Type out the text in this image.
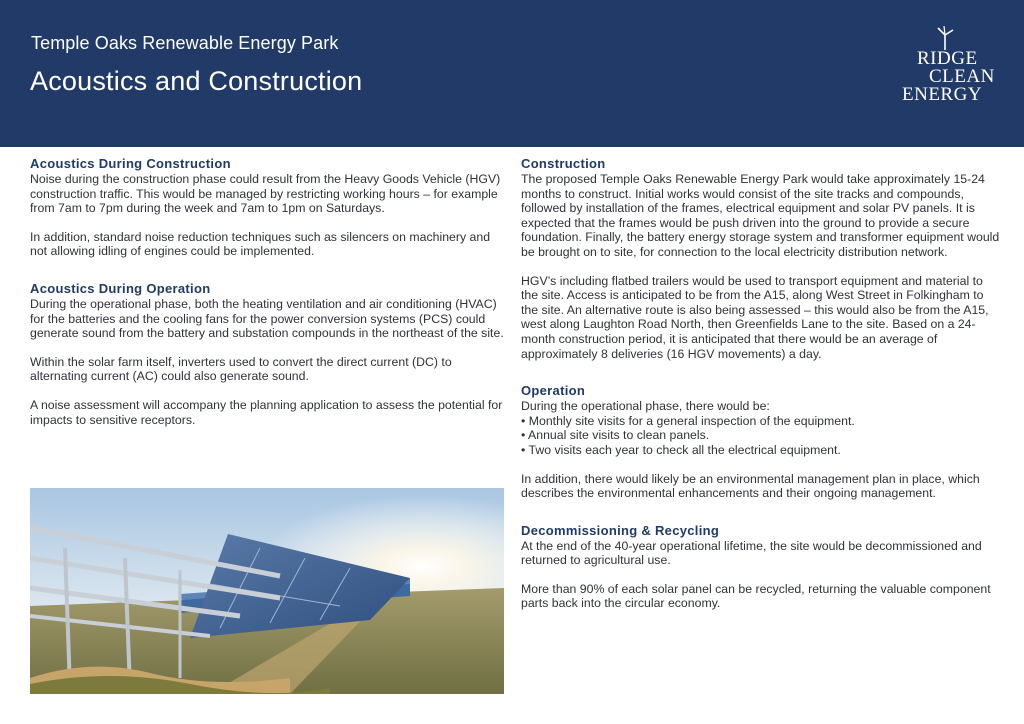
Temple Oaks Renewable Energy Park
Acoustics and Construction
RIDGE
CLEAN
ENERGY
Acoustics During Construction

Noise during the construction phase could result from the Heavy Goods Vehicle (HGV) construction traffic. This would be managed by restricting working hours – for example from 7am to 7pm during the week and 7am to 1pm on Saturdays.

In addition, standard noise reduction techniques such as silencers on machinery and not allowing idling of engines could be implemented.

Acoustics During Operation

During the operational phase, both the heating ventilation and air conditioning (HVAC) for the batteries and the cooling fans for the power conversion systems (PCS) could generate sound from the battery and substation compounds in the northeast of the site.

Within the solar farm itself, inverters used to convert the direct current (DC) to alternating current (AC) could also generate sound.

A noise assessment will accompany the planning application to assess the potential for impacts to sensitive receptors.

Construction

The proposed Temple Oaks Renewable Energy Park would take approximately 15-24 months to construct. Initial works would consist of the site tracks and compounds, followed by installation of the frames, electrical equipment and solar PV panels. It is expected that the frames would be push driven into the ground to provide a secure foundation. Finally, the battery energy storage system and transformer equipment would be brought on to site, for connection to the local electricity distribution network.

HGV’s including flatbed trailers would be used to transport equipment and material to the site. Access is anticipated to be from the A15, along West Street in Folkingham to the site. An alternative route is also being assessed – this would also be from the A15, west along Laughton Road North, then Greenfields Lane to the site. Based on a 24-month construction period, it is anticipated that there would be an average of approximately 8 deliveries (16 HGV movements) a day.

Operation

During the operational phase, there would be:

• Monthly site visits for a general inspection of the equipment.
• Annual site visits to clean panels.
• Two visits each year to check all the electrical equipment.

In addition, there would likely be an environmental management plan in place, which describes the environmental enhancements and their ongoing management.

Decommissioning & Recycling

At the end of the 40-year operational lifetime, the site would be decommissioned and returned to agricultural use.

More than 90% of each solar panel can be recycled, returning the valuable component parts back into the circular economy.
